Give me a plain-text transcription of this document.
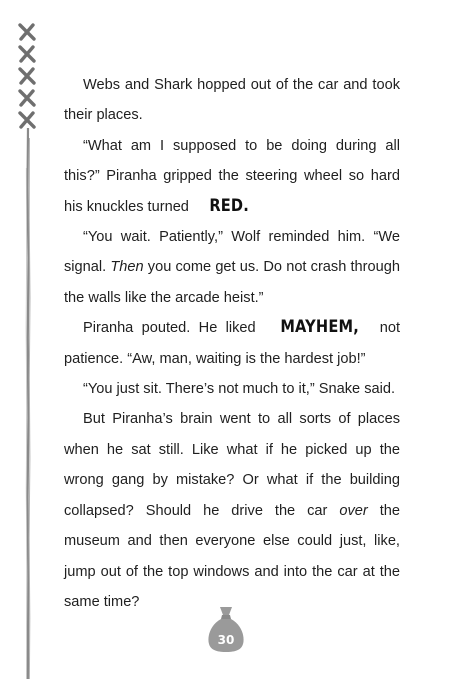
Webs and Shark hopped out of the car and took their places.

“What am I supposed to be doing during all this?” Piranha gripped the steering wheel so hard his knuckles turned RED.

“You wait. Patiently,” Wolf reminded him. “We signal. Then you come get us. Do not crash through the walls like the arcade heist.”

Piranha pouted. He liked MAYHEM, not patience. “Aw, man, waiting is the hardest job!”

“You just sit. There’s not much to it,” Snake said.

But Piranha’s brain went to all sorts of places when he sat still. Like what if he picked up the wrong gang by mistake? Or what if the building collapsed? Should he drive the car over the museum and then everyone else could just, like, jump out of the top windows and into the car at the same time?

30
